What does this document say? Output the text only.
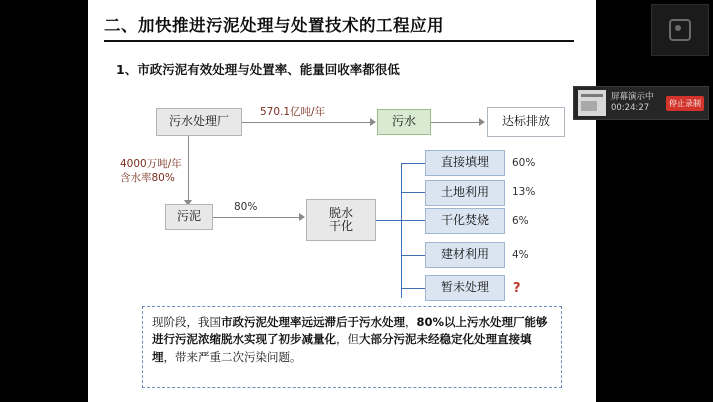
二、加快推进污泥处理与处置技术的工程应用
1、市政污泥有效处理与处置率、能量回收率都很低
污水处理厂
570.1亿吨/年
污水	达标排放
4000万吨/年
含水率80%
污泥
80%	脱水
干化
直接填埋	60%
土地利用	13%
干化焚烧	6%
建材利用	4%
暂未处理	?
现阶段，我国市政污泥处理率远远滞后于污水处理，80%以上污水处理厂能够进行污泥浓缩脱水实现了初步减量化，但大部分污泥未经稳定化处理直接填埋，带来严重二次污染问题。
屏幕演示中
00:24:27	停止录制
